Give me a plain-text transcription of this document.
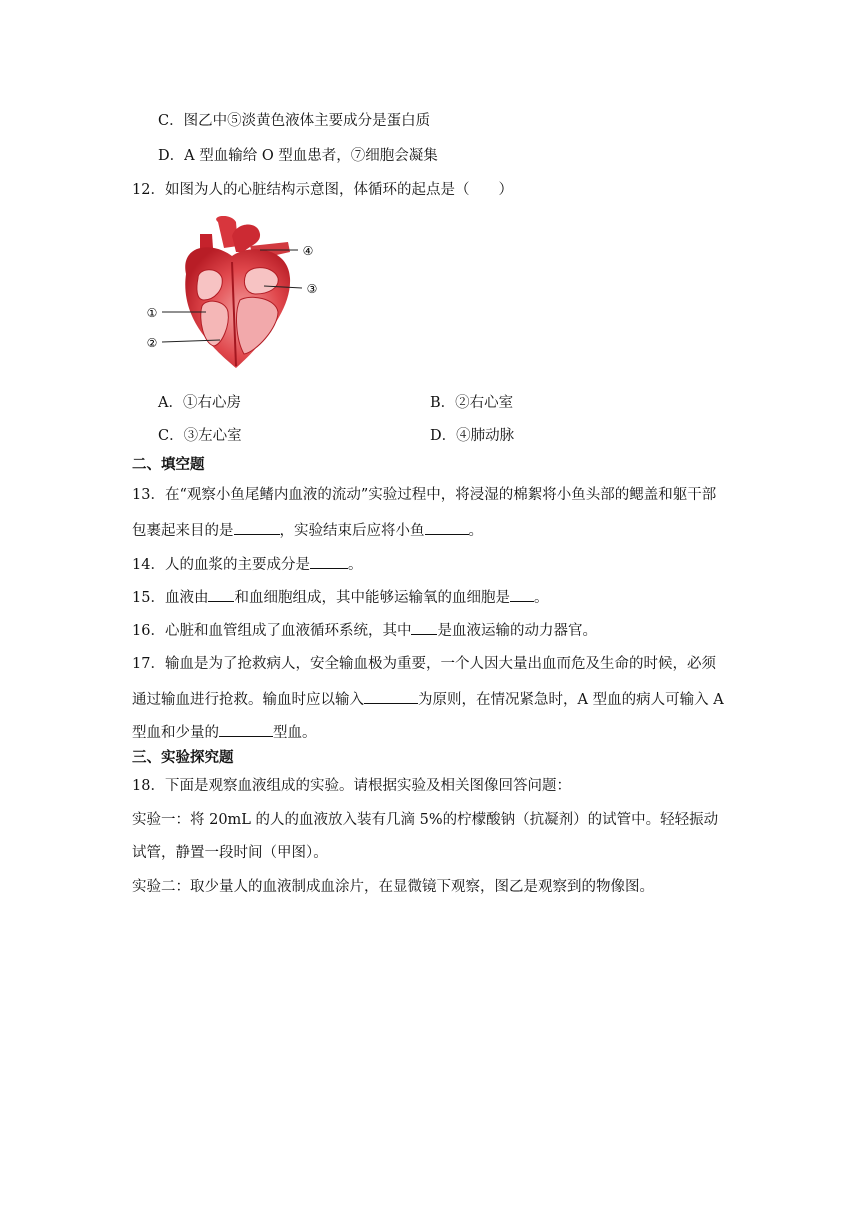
C．图乙中⑤淡黄色液体主要成分是蛋白质
D．A 型血输给 O 型血患者，⑦细胞会凝集
12．如图为人的心脏结构示意图，体循环的起点是（　　）
④
③
①
②
A．①右心房	B．②右心室
C．③左心室	D．④肺动脉
二、填空题
13．在“观察小鱼尾鳍内血液的流动”实验过程中，将浸湿的棉絮将小鱼头部的鳃盖和躯干部
包裹起来目的是	，实验结束后应将小鱼	。
14．人的血浆的主要成分是	。
15．血液由 和血细胞组成，其中能够运输氧的血细胞是 。
16．心脏和血管组成了血液循环系统，其中 是血液运输的动力器官。
17．输血是为了抢救病人，安全输血极为重要，一个人因大量出血而危及生命的时候，必须
通过输血进行抢救。输血时应以输入	为原则，在情况紧急时，A 型血的病人可输入 A
型血和少量的	型血。
三、实验探究题
18．下面是观察血液组成的实验。请根据实验及相关图像回答问题：
实验一：将 20mL 的人的血液放入装有几滴 5%的柠檬酸钠（抗凝剂）的试管中。轻轻振动
试管，静置一段时间（甲图）。
实验二：取少量人的血液制成血涂片，在显微镜下观察，图乙是观察到的物像图。
